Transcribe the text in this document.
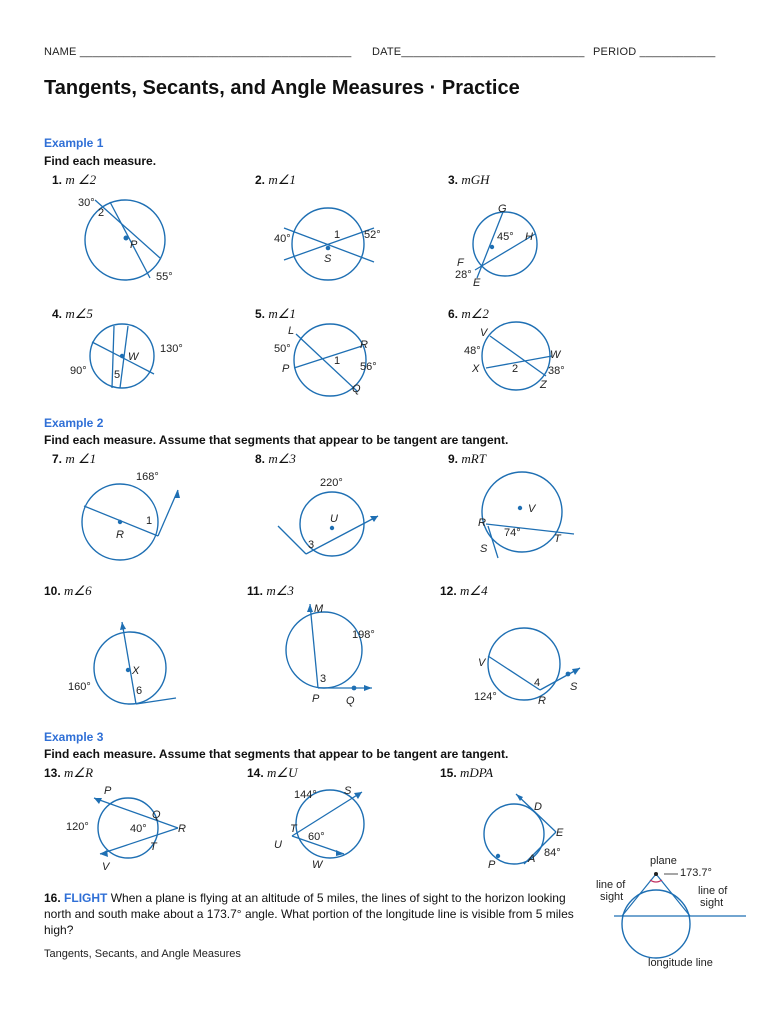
NAME ___________________________________________ DATE_____________________________ PERIOD ____________
Tangents, Secants, and Angle Measures · Practice
Example 1
Find each measure.
1. m ∠2	2. m∠1	3. mGH
30°
2
P
55°
40°	1 52°
S
G
H
45°
F
E
28°
4. m∠5	5. m∠1	6. m∠2
W
130°
90° 5
L
R
50°
1
P	56°
Q
V
48°	W
X	2	38°
Z
Example 2
Find each measure. Assume that segments that appear to be tangent are tangent.
7. m ∠1	8. m∠3	9. mRT
168°
R
1
220°
U
3
V
R
74°	T
S
10. m∠6	11. m∠3	12. m∠4
X
160°	6
M
198°
3
P Q
V
4	S
124°	R
Example 3
Find each measure. Assume that segments that appear to be tangent are tangent.
13. m∠R	14. m∠U	15. mDPA
P
Q
120°	40°	R
T
V
144° S
T
60°
U
W
D
E
84°
P	A
16. FLIGHT When a plane is flying at an altitude of 5 miles, the lines of sight to the horizon looking north and south make about a 173.7° angle. What portion of the longitude line is visible from 5 miles high?
plane
173.7°
line of
sight	line of
sight
longitude line
Tangents, Secants, and Angle Measures
